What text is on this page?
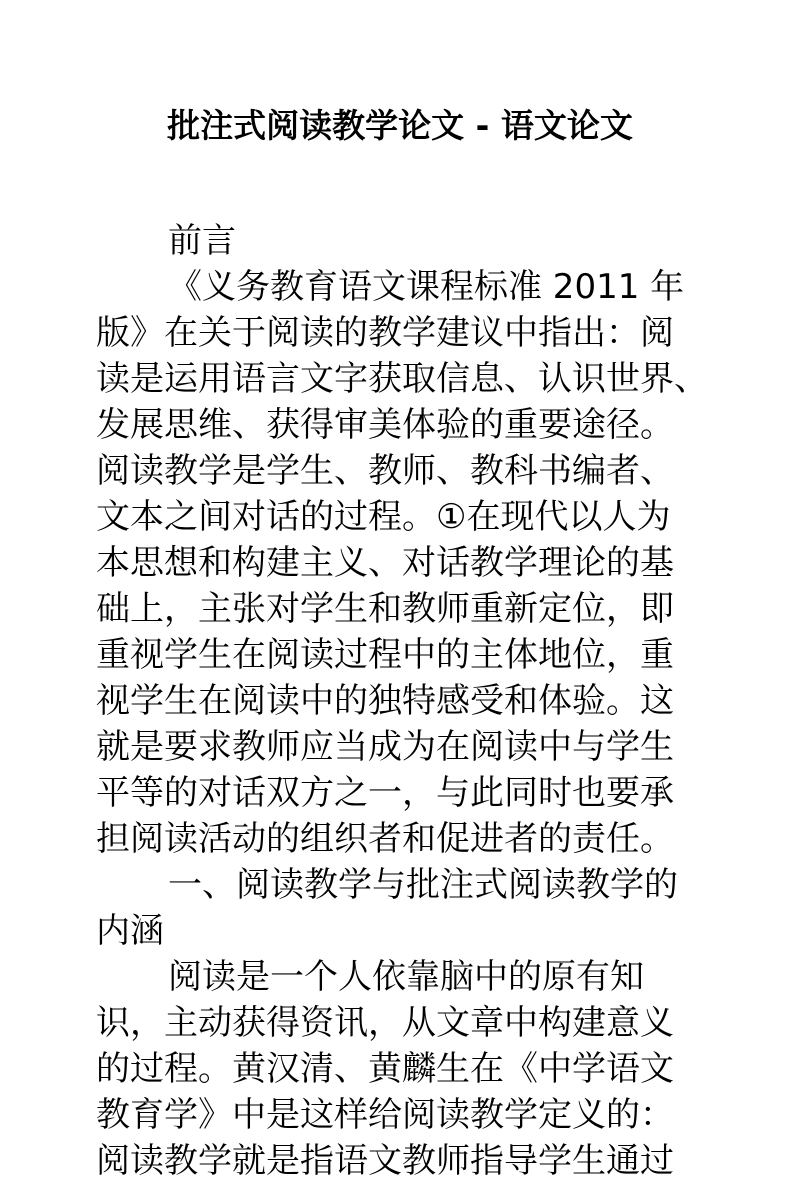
批注式阅读教学论文 - 语文论文
前言
《义务教育语文课程标准 2011 年
版》在关于阅读的教学建议中指出：阅
读是运用语言文字获取信息、认识世界、
发展思维、获得审美体验的重要途径。
阅读教学是学生、教师、教科书编者、
文本之间对话的过程。①在现代以人为
本思想和构建主义、对话教学理论的基
础上，主张对学生和教师重新定位，即
重视学生在阅读过程中的主体地位，重
视学生在阅读中的独特感受和体验。这
就是要求教师应当成为在阅读中与学生
平等的对话双方之一，与此同时也要承
担阅读活动的组织者和促进者的责任。
一、阅读教学与批注式阅读教学的
内涵
阅读是一个人依靠脑中的原有知
识，主动获得资讯，从文章中构建意义
的过程。黄汉清、黄麟生在《中学语文
教育学》中是这样给阅读教学定义的：
阅读教学就是指语文教师指导学生通过
